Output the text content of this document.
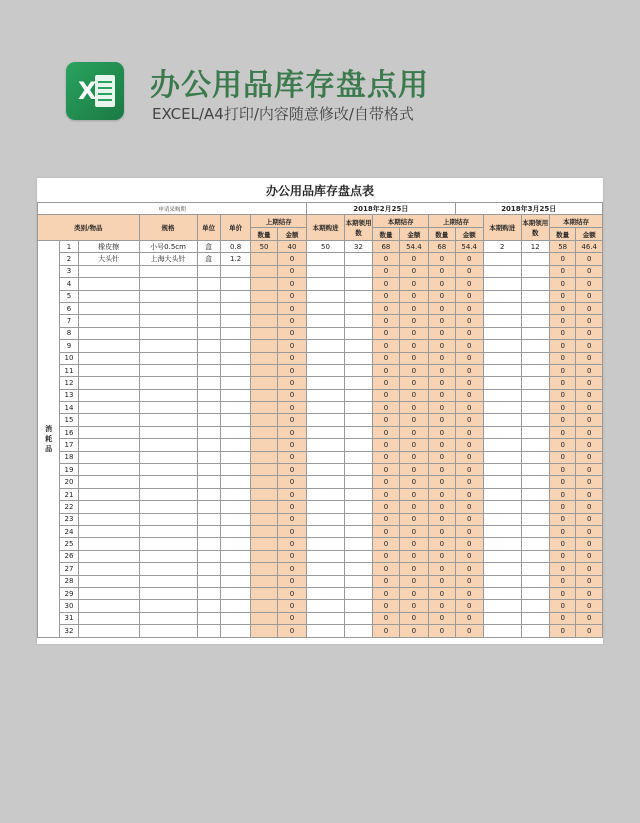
X 办公用品库存盘点用
EXCEL/A4打印/内容随意修改/自带格式
办公用品库存盘点表																	
申请采购期								2018年2月25日					2018年3月25日				
类别/物品			规格	单位	单价	上期结存		本期购进	本期领用数	本期结存		上期结存		本期购进	本期领用数	本期结存	
						数量	金额			数量	金额	数量	金额			数量	金额
消
耗
品	1	橡皮擦	小号0.5cm	盒	0.8	50	40	50	32	68	54.4	68	54.4	2	12	58	46.4
	2	大头针	上海大头针	盒	1.2		0			0	0	0	0			0	0
	3						0			0	0	0	0			0	0
	4						0			0	0	0	0			0	0
	5						0			0	0	0	0			0	0
	6						0			0	0	0	0			0	0
	7						0			0	0	0	0			0	0
	8						0			0	0	0	0			0	0
	9						0			0	0	0	0			0	0
	10						0			0	0	0	0			0	0
	11						0			0	0	0	0			0	0
	12						0			0	0	0	0			0	0
	13						0			0	0	0	0			0	0
	14						0			0	0	0	0			0	0
	15						0			0	0	0	0			0	0
	16						0			0	0	0	0			0	0
	17						0			0	0	0	0			0	0
	18						0			0	0	0	0			0	0
	19						0			0	0	0	0			0	0
	20						0			0	0	0	0			0	0
	21						0			0	0	0	0			0	0
	22						0			0	0	0	0			0	0
	23						0			0	0	0	0			0	0
	24						0			0	0	0	0			0	0
	25						0			0	0	0	0			0	0
	26						0			0	0	0	0			0	0
	27						0			0	0	0	0			0	0
	28						0			0	0	0	0			0	0
	29						0			0	0	0	0			0	0
	30						0			0	0	0	0			0	0
	31						0			0	0	0	0			0	0
	32						0			0	0	0	0			0	0
